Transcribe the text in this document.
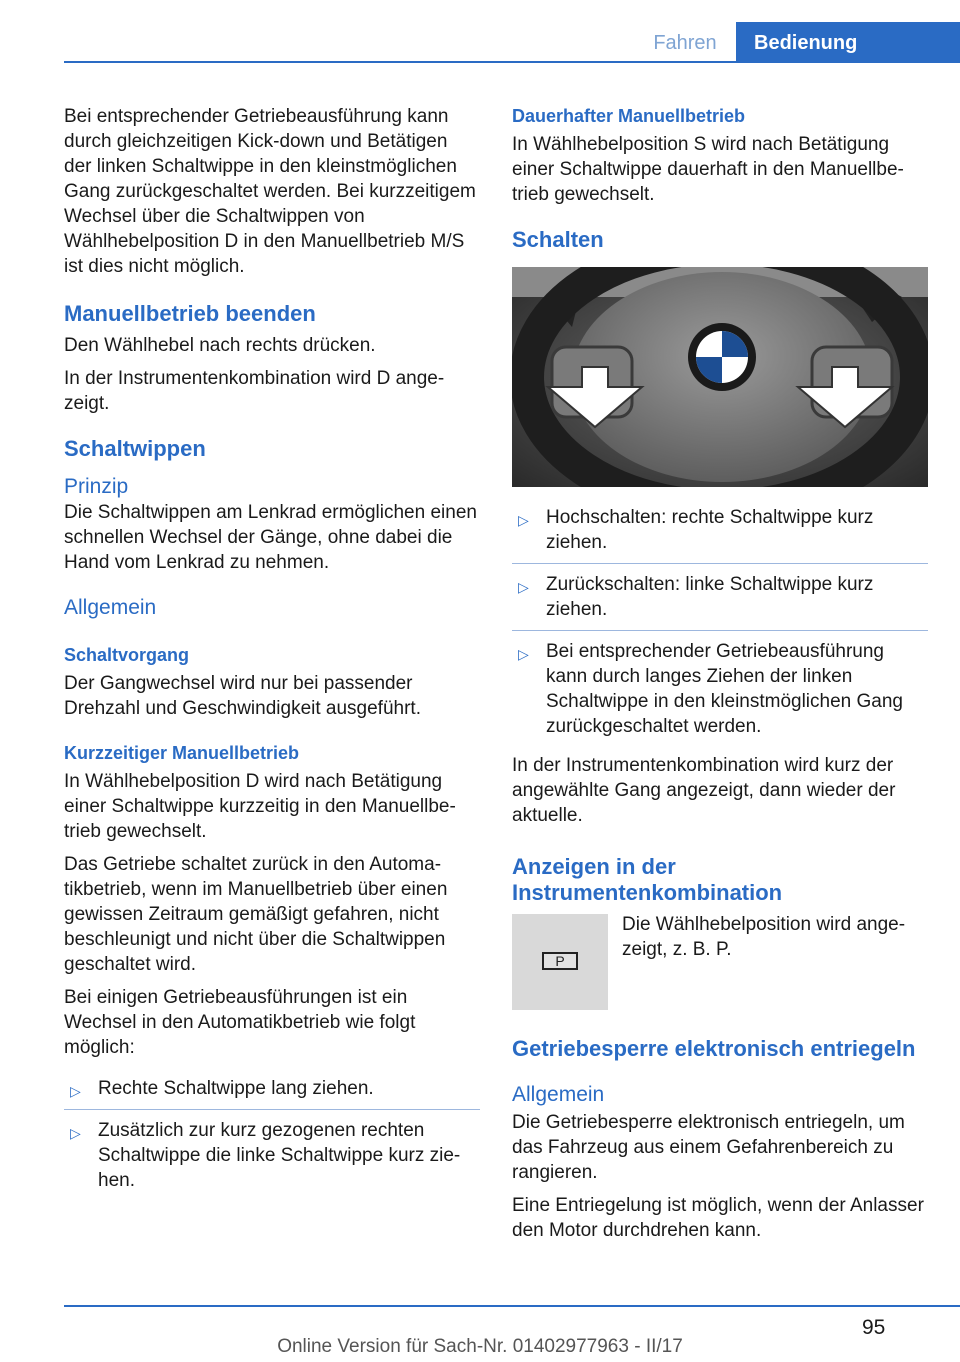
Fahren	Bedienung

Bei entsprechender Getriebeausführung kann durch gleichzeitigen Kick-down und Betätigen der linken Schaltwippe in den kleinstmöglichen Gang zurückgeschaltet werden. Bei kurzzeitigem Wechsel über die Schaltwippen von Wählhebelposition D in den Manuellbetrieb M/S ist dies nicht möglich.

Manuellbetrieb beenden

Den Wählhebel nach rechts drücken.

In der Instrumentenkombination wird D angezeigt.

Schaltwippen
Prinzip

Die Schaltwippen am Lenkrad ermöglichen einen schnellen Wechsel der Gänge, ohne dabei die Hand vom Lenkrad zu nehmen.

Allgemein
Schaltvorgang

Der Gangwechsel wird nur bei passender Drehzahl und Geschwindigkeit ausgeführt.

Kurzzeitiger Manuellbetrieb

In Wählhebelposition D wird nach Betätigung einer Schaltwippe kurzzeitig in den Manuellbetrieb gewechselt.

Das Getriebe schaltet zurück in den Automatikbetrieb, wenn im Manuellbetrieb über einen gewissen Zeitraum gemäßigt gefahren, nicht beschleunigt und nicht über die Schaltwippen geschaltet wird.

Bei einigen Getriebeausführungen ist ein Wechsel in den Automatikbetrieb wie folgt möglich:

▷ Rechte Schaltwippe lang ziehen.
▷ Zusätzlich zur kurz gezogenen rechten Schaltwippe die linke Schaltwippe kurz ziehen.
Dauerhafter Manuellbetrieb

In Wählhebelposition S wird nach Betätigung einer Schaltwippe dauerhaft in den Manuellbetrieb gewechselt.

Schalten
▷ Hochschalten: rechte Schaltwippe kurz ziehen.
▷ Zurückschalten: linke Schaltwippe kurz ziehen.
▷ Bei entsprechender Getriebeausführung kann durch langes Ziehen der linken Schaltwippe in den kleinstmöglichen Gang zurückgeschaltet werden.

In der Instrumentenkombination wird kurz der angewählte Gang angezeigt, dann wieder der aktuelle.

Anzeigen in der Instrumentenkombination
P
Die Wählhebelposition wird angezeigt, z. B. P.
Getriebesperre elektronisch entriegeln
Allgemein

Die Getriebesperre elektronisch entriegeln, um das Fahrzeug aus einem Gefahrenbereich zu rangieren.

Eine Entriegelung ist möglich, wenn der Anlasser den Motor durchdrehen kann.

95
Online Version für Sach-Nr. 01402977963 - II/17
